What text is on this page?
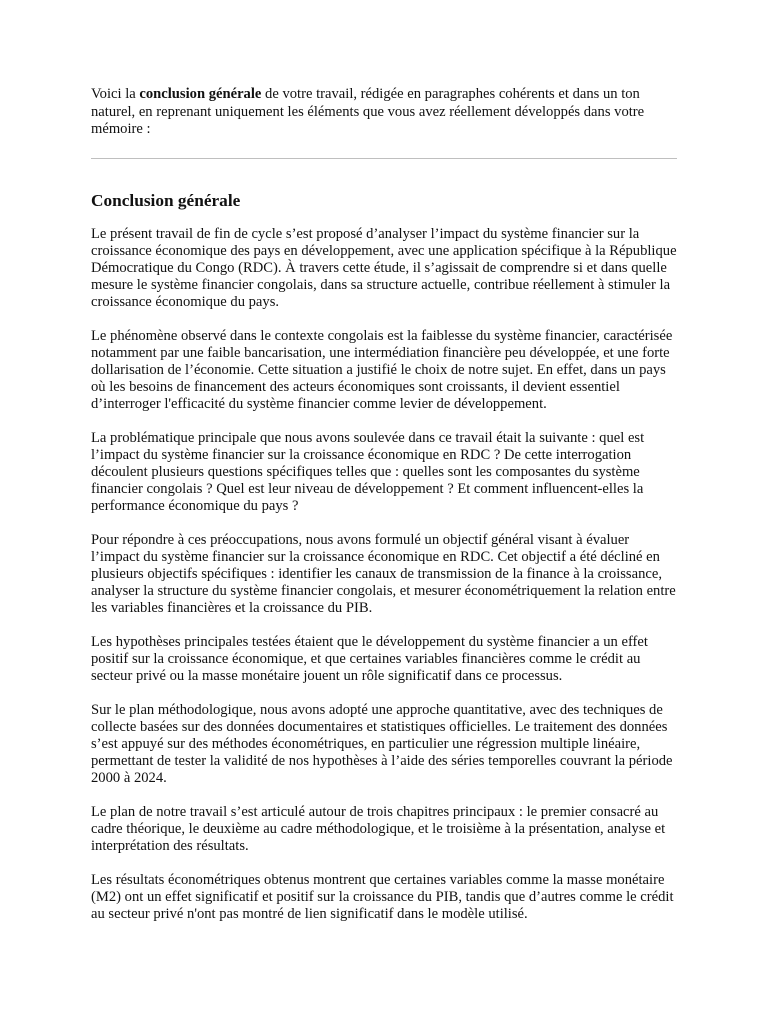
Voici la conclusion générale de votre travail, rédigée en paragraphes cohérents et dans un ton naturel, en reprenant uniquement les éléments que vous avez réellement développés dans votre mémoire :

Conclusion générale

Le présent travail de fin de cycle s’est proposé d’analyser l’impact du système financier sur la croissance économique des pays en développement, avec une application spécifique à la République Démocratique du Congo (RDC). À travers cette étude, il s’agissait de comprendre si et dans quelle mesure le système financier congolais, dans sa structure actuelle, contribue réellement à stimuler la croissance économique du pays.

Le phénomène observé dans le contexte congolais est la faiblesse du système financier, caractérisée notamment par une faible bancarisation, une intermédiation financière peu développée, et une forte dollarisation de l’économie. Cette situation a justifié le choix de notre sujet. En effet, dans un pays où les besoins de financement des acteurs économiques sont croissants, il devient essentiel d’interroger l'efficacité du système financier comme levier de développement.

La problématique principale que nous avons soulevée dans ce travail était la suivante : quel est l’impact du système financier sur la croissance économique en RDC ? De cette interrogation découlent plusieurs questions spécifiques telles que : quelles sont les composantes du système financier congolais ? Quel est leur niveau de développement ? Et comment influencent-elles la performance économique du pays ?

Pour répondre à ces préoccupations, nous avons formulé un objectif général visant à évaluer l’impact du système financier sur la croissance économique en RDC. Cet objectif a été décliné en plusieurs objectifs spécifiques : identifier les canaux de transmission de la finance à la croissance, analyser la structure du système financier congolais, et mesurer économétriquement la relation entre les variables financières et la croissance du PIB.

Les hypothèses principales testées étaient que le développement du système financier a un effet positif sur la croissance économique, et que certaines variables financières comme le crédit au secteur privé ou la masse monétaire jouent un rôle significatif dans ce processus.

Sur le plan méthodologique, nous avons adopté une approche quantitative, avec des techniques de collecte basées sur des données documentaires et statistiques officielles. Le traitement des données s’est appuyé sur des méthodes économétriques, en particulier une régression multiple linéaire, permettant de tester la validité de nos hypothèses à l’aide des séries temporelles couvrant la période 2000 à 2024.

Le plan de notre travail s’est articulé autour de trois chapitres principaux : le premier consacré au cadre théorique, le deuxième au cadre méthodologique, et le troisième à la présentation, analyse et interprétation des résultats.

Les résultats économétriques obtenus montrent que certaines variables comme la masse monétaire (M2) ont un effet significatif et positif sur la croissance du PIB, tandis que d’autres comme le crédit au secteur privé n'ont pas montré de lien significatif dans le modèle utilisé.
